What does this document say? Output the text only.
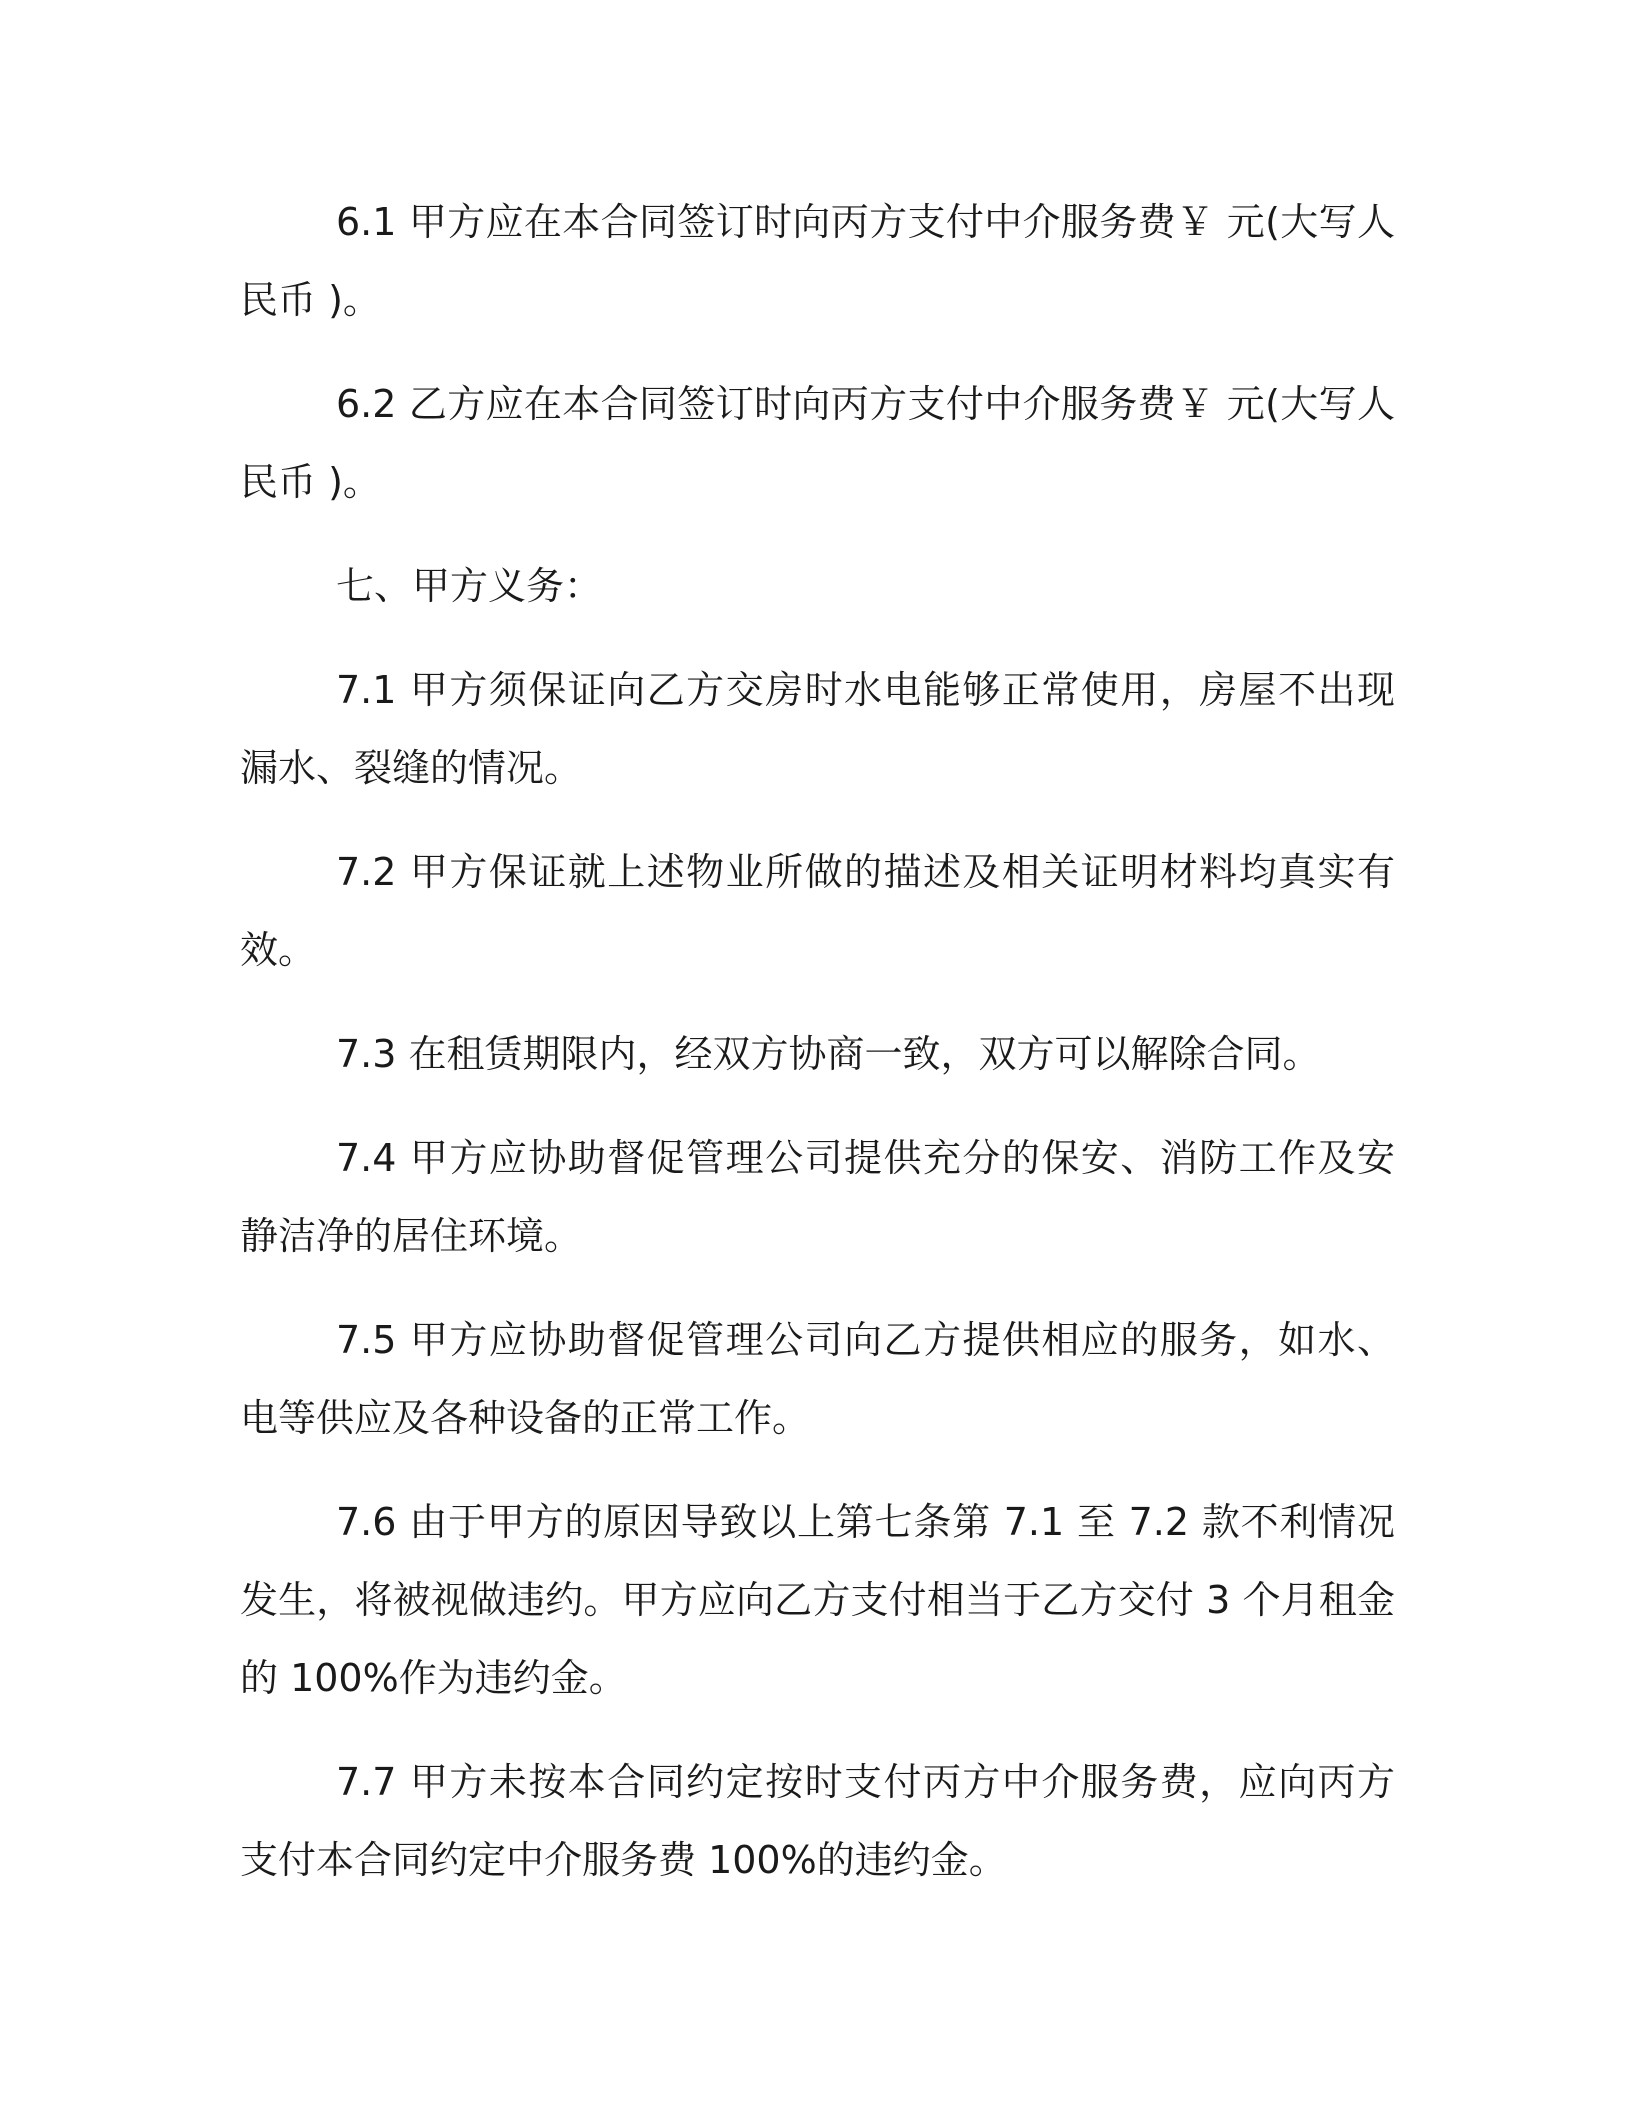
6.1 甲方应在本合同签订时向丙方支付中介服务费￥ 元(大写人民币 )。

6.2 乙方应在本合同签订时向丙方支付中介服务费￥ 元(大写人民币 )。

七、甲方义务：

7.1 甲方须保证向乙方交房时水电能够正常使用，房屋不出现漏水、裂缝的情况。

7.2 甲方保证就上述物业所做的描述及相关证明材料均真实有效。

7.3 在租赁期限内，经双方协商一致，双方可以解除合同。

7.4 甲方应协助督促管理公司提供充分的保安、消防工作及安静洁净的居住环境。

7.5 甲方应协助督促管理公司向乙方提供相应的服务，如水、电等供应及各种设备的正常工作。

7.6 由于甲方的原因导致以上第七条第 7.1 至 7.2 款不利情况发生，将被视做违约。甲方应向乙方支付相当于乙方交付 3 个月租金的 100%作为违约金。

7.7 甲方未按本合同约定按时支付丙方中介服务费，应向丙方支付本合同约定中介服务费 100%的违约金。
